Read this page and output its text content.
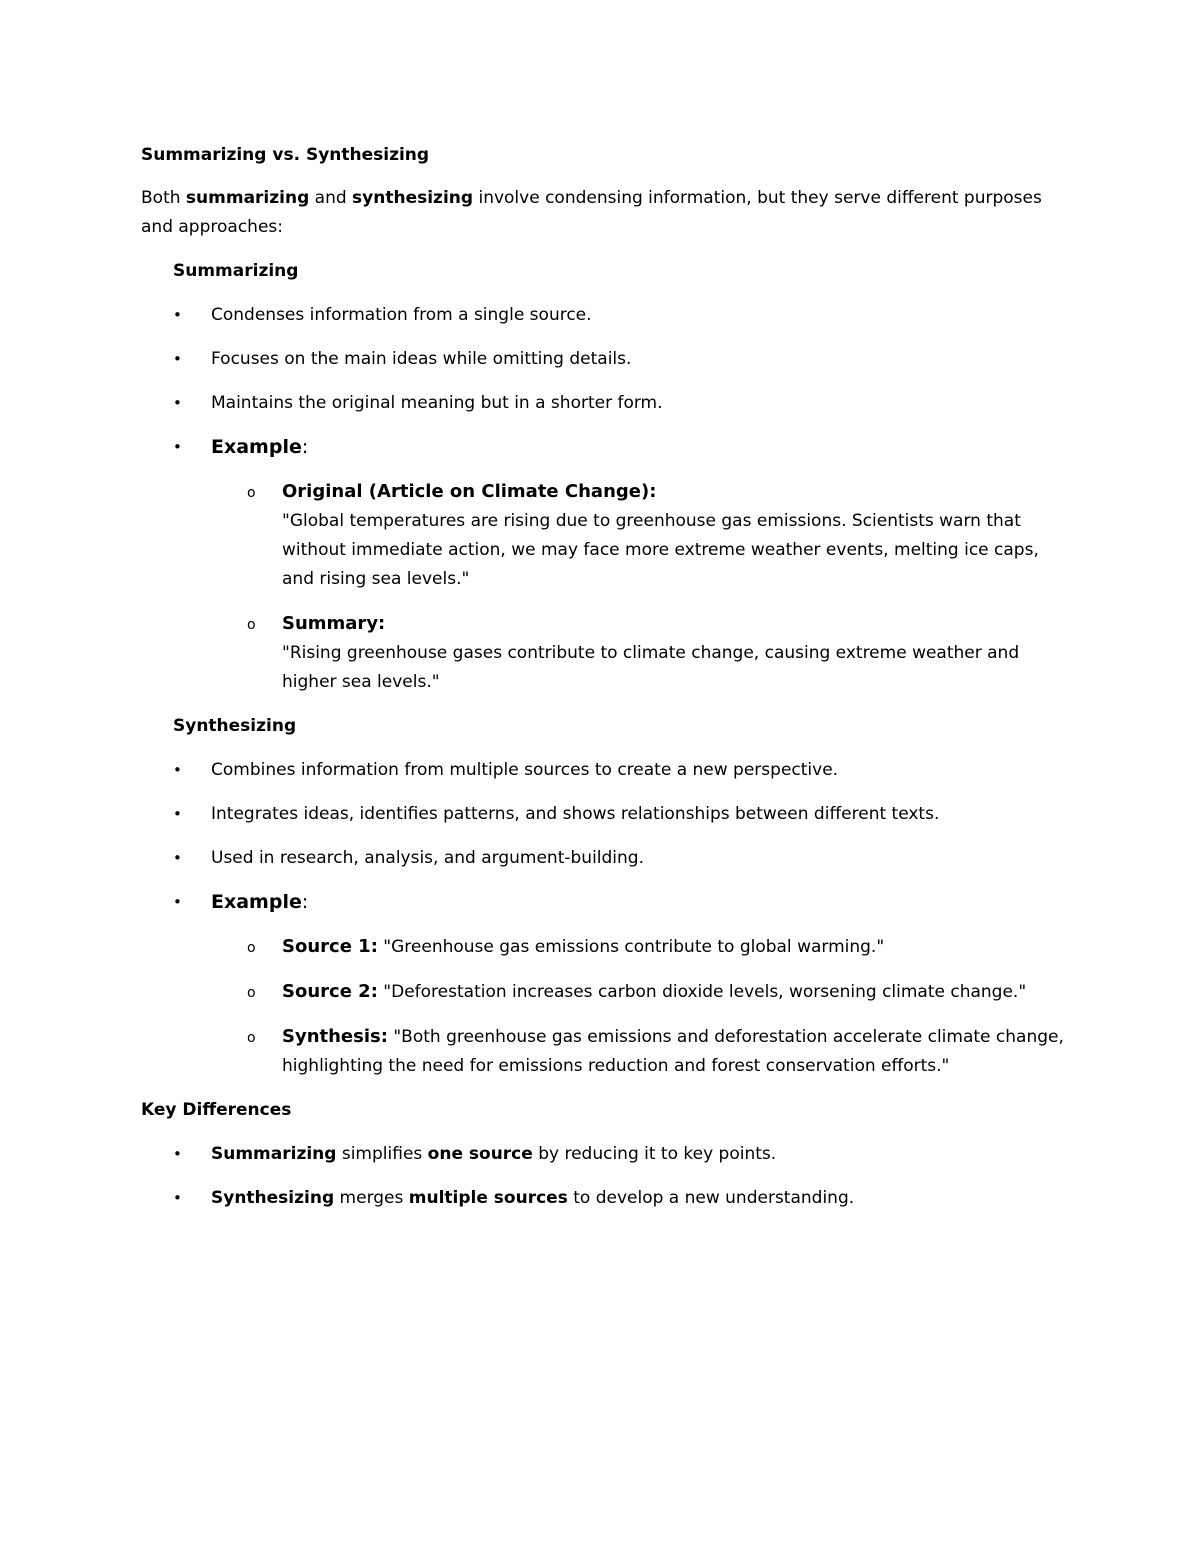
Summarizing vs. Synthesizing

Both summarizing and synthesizing involve condensing information, but they serve different purposes and approaches:

Summarizing
• Condenses information from a single source.
• Focuses on the main ideas while omitting details.
• Maintains the original meaning but in a shorter form.
• Example:
o Original (Article on Climate Change):
"Global temperatures are rising due to greenhouse gas emissions. Scientists warn that without immediate action, we may face more extreme weather events, melting ice caps, and rising sea levels."
o Summary:
"Rising greenhouse gases contribute to climate change, causing extreme weather and higher sea levels."
Synthesizing
• Combines information from multiple sources to create a new perspective.
• Integrates ideas, identifies patterns, and shows relationships between different texts.
• Used in research, analysis, and argument-building.
• Example:
o Source 1: "Greenhouse gas emissions contribute to global warming."
o Source 2: "Deforestation increases carbon dioxide levels, worsening climate change."
o Synthesis: "Both greenhouse gas emissions and deforestation accelerate climate change, highlighting the need for emissions reduction and forest conservation efforts."
Key Differences
• Summarizing simplifies one source by reducing it to key points.
• Synthesizing merges multiple sources to develop a new understanding.
